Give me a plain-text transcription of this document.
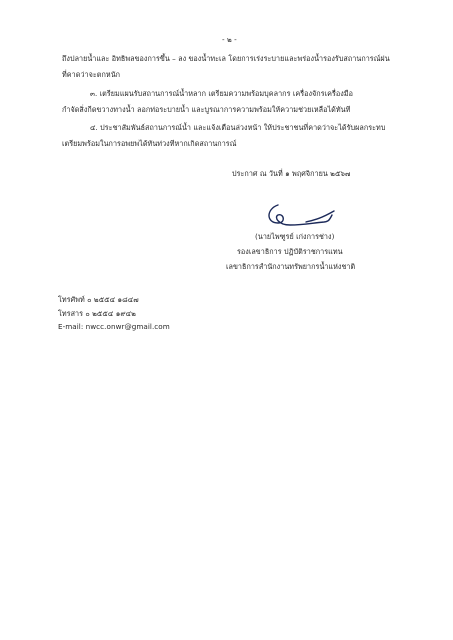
- ๒ -
ถึงปลายน้ำและ อิทธิพลของการขึ้น – ลง ของน้ำทะเล โดยการเร่งระบายและพร่องน้ำรองรับสถานการณ์ฝน
ที่คาดว่าจะตกหนัก
๓. เตรียมแผนรับสถานการณ์น้ำหลาก เตรียมความพร้อมบุคลากร เครื่องจักรเครื่องมือ
กำจัดสิ่งกีดขวางทางน้ำ ลอกท่อระบายน้ำ และบูรณาการความพร้อมให้ความช่วยเหลือได้ทันที
๔. ประชาสัมพันธ์สถานการณ์น้ำ และแจ้งเตือนล่วงหน้า ให้ประชาชนที่คาดว่าจะได้รับผลกระทบ
เตรียมพร้อมในการอพยพได้ทันท่วงทีหากเกิดสถานการณ์
ประกาศ ณ วันที่ ๑ พฤศจิกายน ๒๕๖๗
(นายไพฑูรย์ เก่งการช่าง)
รองเลขาธิการ ปฏิบัติราชการแทน
เลขาธิการสำนักงานทรัพยากรน้ำแห่งชาติ
โทรศัพท์ ๐ ๒๕๕๔ ๑๘๔๗
โทรสาร ๐ ๒๕๕๔ ๑๙๔๒
E-mail: nwcc.onwr@gmail.com
